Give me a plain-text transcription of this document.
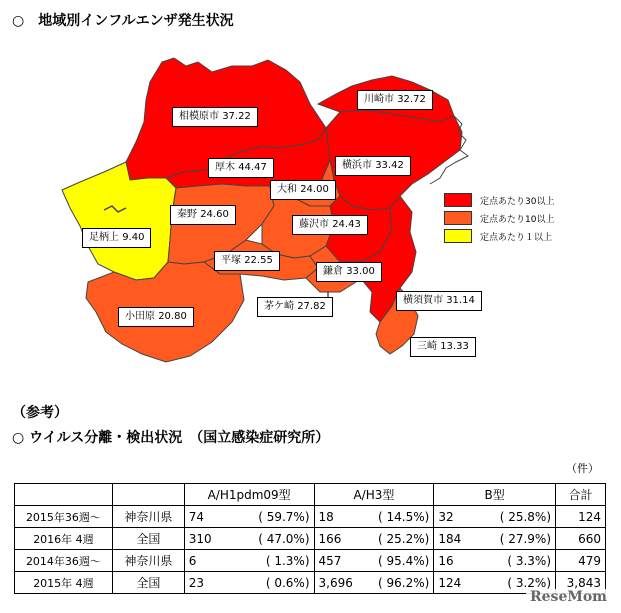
○　地域別インフルエンザ発生状況
川崎市 32.72
相模原市 37.22
厚木 44.47	横浜市 33.42
大和 24.00
秦野 24.60
藤沢市 24.43
足柄上 9.40
平塚 22.55
鎌倉 33.00
茅ケ崎 27.82
小田原 20.80
横須賀市 31.14
三崎 13.33
定点あたり30以上
定点あたり10以上
定点あたり１以上
（参考）
○ ウイルス分離・検出状況　（国立感染症研究所）
（件）
		A/H1pdm09型	A/H3型	B型	合計
2015年36週～	神奈川県	74 ( 59.7%)	18 ( 14.5%)	32 ( 25.8%)	124
2016年 4週	全国	310 ( 47.0%)	166 ( 25.2%)	184 ( 27.9%)	660
2014年36週～	神奈川県	6 ( 1.3%)	457 ( 95.4%)	16 ( 3.3%)	479
2015年 4週	全国	23 ( 0.6%)	3,696 ( 96.2%)	124 ( 3.2%)	3,843
ReseMom
